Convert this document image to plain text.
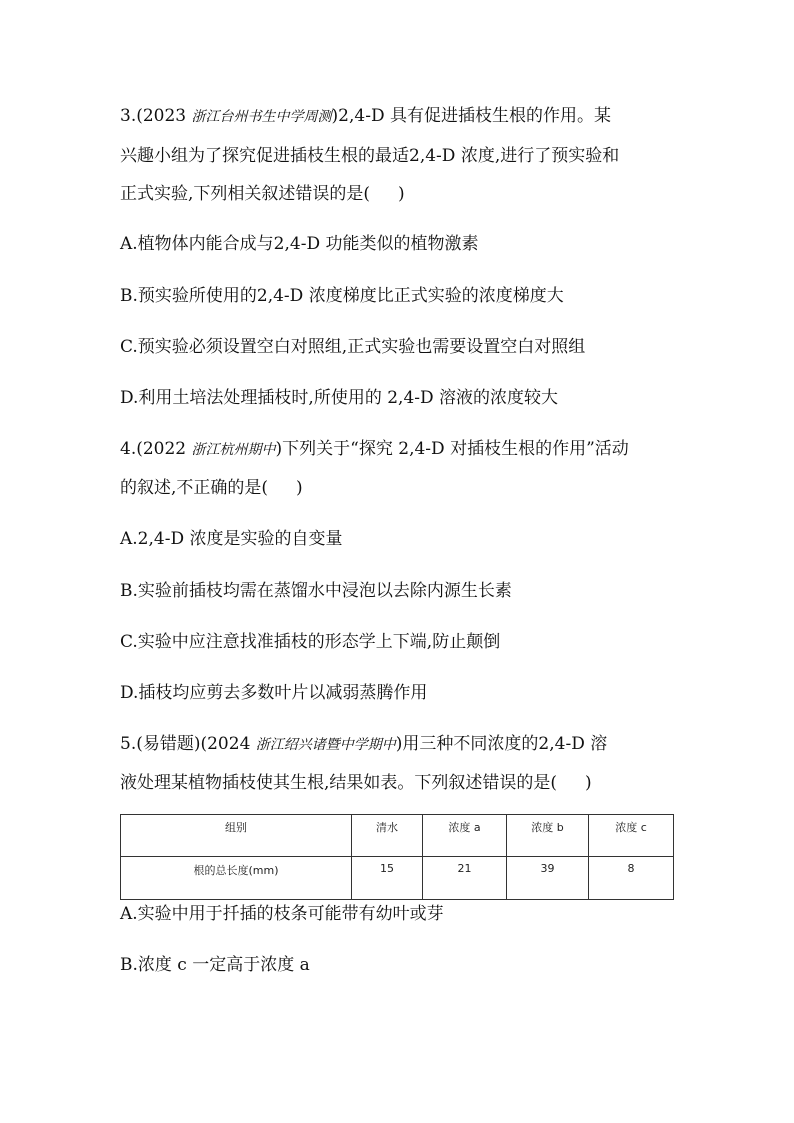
3.(2023 浙江台州书生中学周测)2,4-D 具有促进插枝生根的作用。某
兴趣小组为了探究促进插枝生根的最适2,4-D 浓度,进行了预实验和
正式实验,下列相关叙述错误的是( )
A.植物体内能合成与2,4-D 功能类似的植物激素
B.预实验所使用的2,4-D 浓度梯度比正式实验的浓度梯度大
C.预实验必须设置空白对照组,正式实验也需要设置空白对照组
D.利用土培法处理插枝时,所使用的 2,4-D 溶液的浓度较大
4.(2022 浙江杭州期中)下列关于“探究 2,4-D 对插枝生根的作用”活动
的叙述,不正确的是( )
A.2,4-D 浓度是实验的自变量
B.实验前插枝均需在蒸馏水中浸泡以去除内源生长素
C.实验中应注意找准插枝的形态学上下端,防止颠倒
D.插枝均应剪去多数叶片以减弱蒸腾作用
5.(易错题)(2024 浙江绍兴诸暨中学期中)用三种不同浓度的2,4-D 溶
液处理某植物插枝使其生根,结果如表。下列叙述错误的是( )
组别	清水	浓度 a	浓度 b	浓度 c
根的总长度(mm)	15	21	39	8
A.实验中用于扦插的枝条可能带有幼叶或芽
B.浓度 c 一定高于浓度 a
